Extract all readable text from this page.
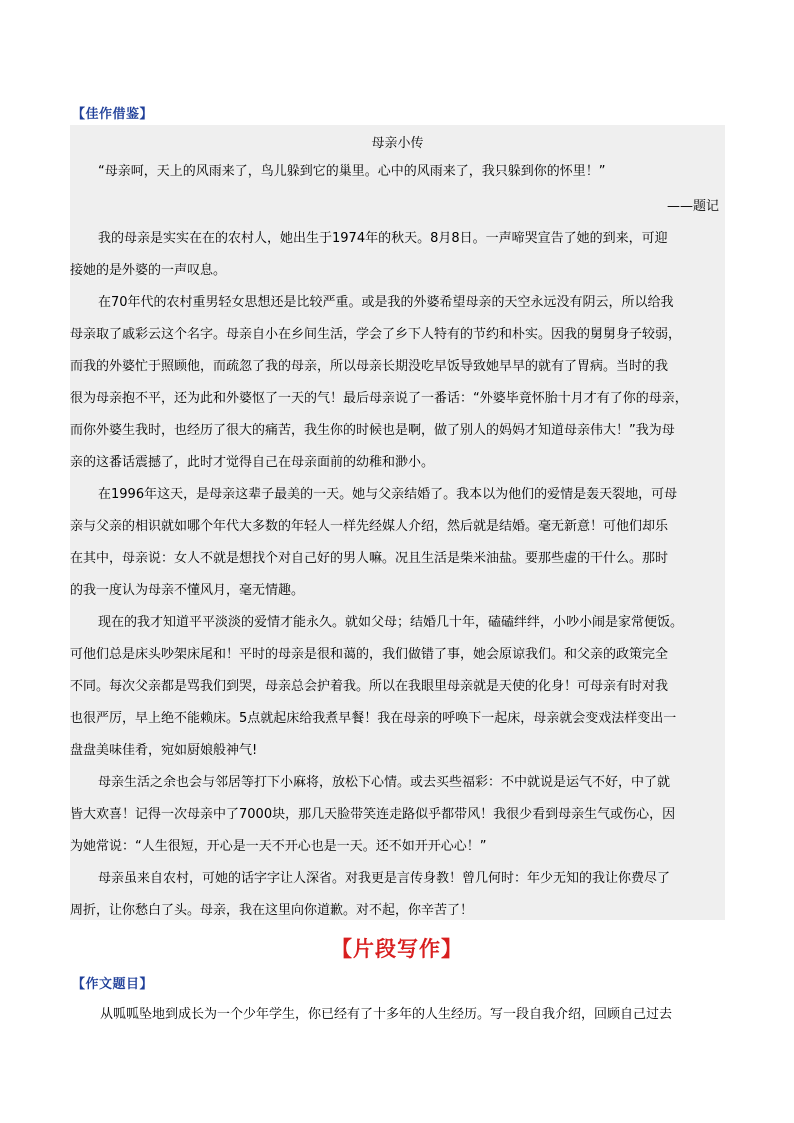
【佳作借鉴】
母亲小传
“母亲呵，天上的风雨来了，鸟儿躲到它的巢里。心中的风雨来了，我只躲到你的怀里！”
——题记
我的母亲是实实在在的农村人，她出生于1974年的秋天。8月8日。一声啼哭宣告了她的到来，可迎
接她的是外婆的一声叹息。
在70年代的农村重男轻女思想还是比较严重。或是我的外婆希望母亲的天空永远没有阴云，所以给我
母亲取了戚彩云这个名字。母亲自小在乡间生活，学会了乡下人特有的节约和朴实。因我的舅舅身子较弱，
而我的外婆忙于照顾他，而疏忽了我的母亲，所以母亲长期没吃早饭导致她早早的就有了胃病。当时的我
很为母亲抱不平，还为此和外婆怄了一天的气！最后母亲说了一番话：“外婆毕竟怀胎十月才有了你的母亲，
而你外婆生我时，也经历了很大的痛苦，我生你的时候也是啊，做了别人的妈妈才知道母亲伟大！”我为母
亲的这番话震撼了，此时才觉得自己在母亲面前的幼稚和渺小。
在1996年这天，是母亲这辈子最美的一天。她与父亲结婚了。我本以为他们的爱情是轰天裂地，可母
亲与父亲的相识就如哪个年代大多数的年轻人一样先经媒人介绍，然后就是结婚。毫无新意！可他们却乐
在其中，母亲说：女人不就是想找个对自己好的男人嘛。况且生活是柴米油盐。要那些虚的干什么。那时
的我一度认为母亲不懂风月，毫无情趣。
现在的我才知道平平淡淡的爱情才能永久。就如父母；结婚几十年，磕磕绊绊，小吵小闹是家常便饭。
可他们总是床头吵架床尾和！平时的母亲是很和蔼的，我们做错了事，她会原谅我们。和父亲的政策完全
不同。每次父亲都是骂我们到哭，母亲总会护着我。所以在我眼里母亲就是天使的化身！可母亲有时对我
也很严厉，早上绝不能赖床。5点就起床给我煮早餐！我在母亲的呼唤下一起床，母亲就会变戏法样变出一
盘盘美味佳肴，宛如厨娘般神气!
母亲生活之余也会与邻居等打下小麻将，放松下心情。或去买些福彩：不中就说是运气不好，中了就
皆大欢喜！记得一次母亲中了7000块，那几天脸带笑连走路似乎都带风！我很少看到母亲生气或伤心，因
为她常说：“人生很短，开心是一天不开心也是一天。还不如开开心心！”
母亲虽来自农村，可她的话字字让人深省。对我更是言传身教！曾几何时：年少无知的我让你费尽了
周折，让你愁白了头。母亲，我在这里向你道歉。对不起，你辛苦了！
【片段写作】
【作文题目】
从呱呱坠地到成长为一个少年学生，你已经有了十多年的人生经历。写一段自我介绍，回顾自己过去
